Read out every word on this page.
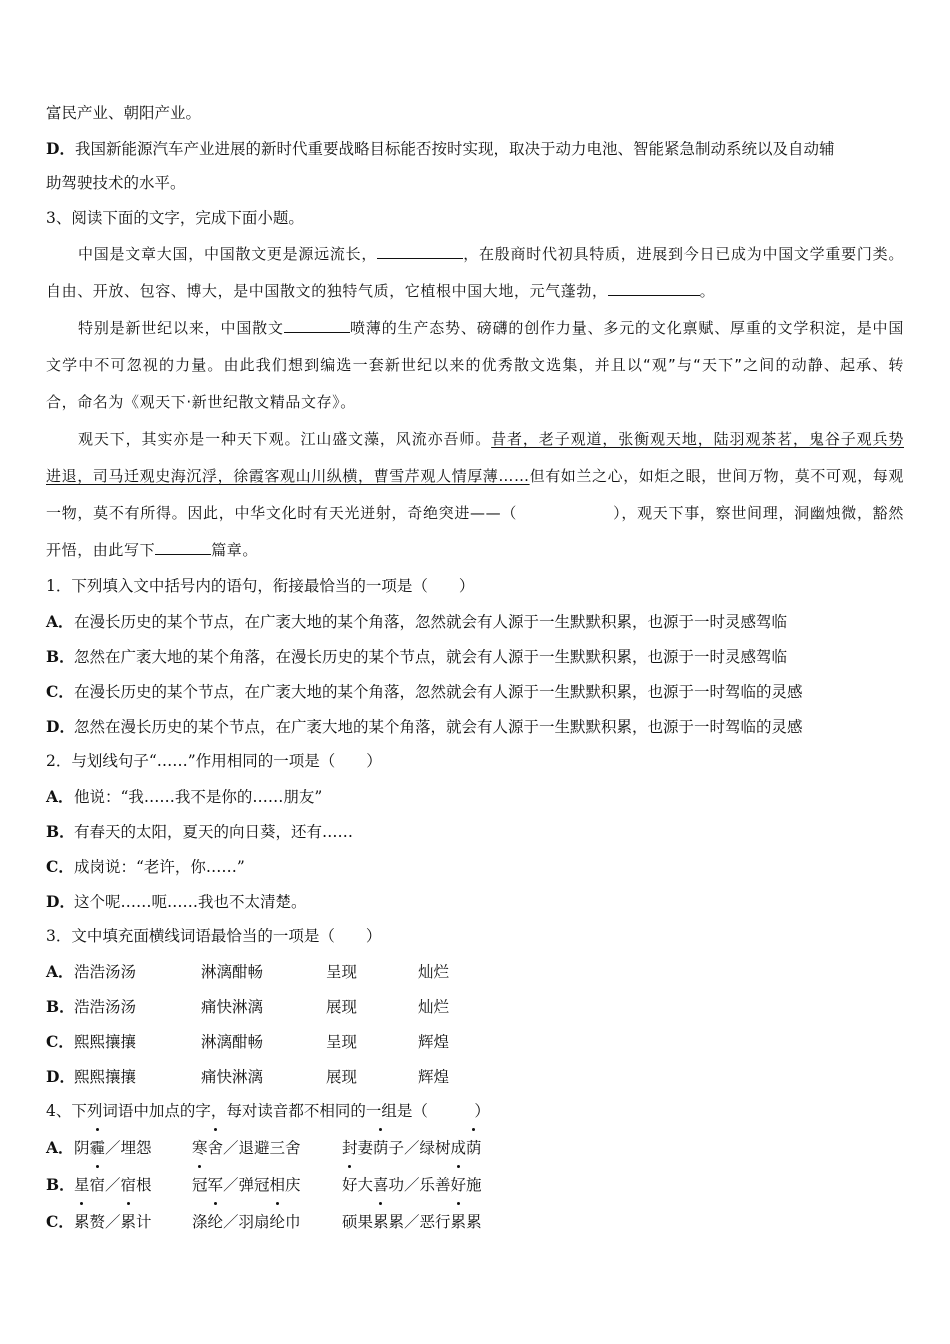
富民产业、朝阳产业。
D．我国新能源汽车产业进展的新时代重要战略目标能否按时实现，取决于动力电池、智能紧急制动系统以及自动辅
助驾驶技术的水平。
3、阅读下面的文字，完成下面小题。

中国是文章大国，中国散文更是源远流长，	，在殷商时代初具特质，进展到今日已成为中国文学重要门类。自由、开放、包容、博大，是中国散文的独特气质，它植根中国大地，元气蓬勃，	。

特别是新世纪以来，中国散文	喷薄的生产态势、磅礴的创作力量、多元的文化禀赋、厚重的文学积淀，是中国文学中不可忽视的力量。由此我们想到编选一套新世纪以来的优秀散文选集，并且以“观”与“天下”之间的动静、起承、转合，命名为《观天下·新世纪散文精品文存》。

观天下，其实亦是一种天下观。江山盛文藻，风流亦吾师。昔者，老子观道，张衡观天地，陆羽观茶茗，鬼谷子观兵势进退，司马迁观史海沉浮，徐霞客观山川纵横，曹雪芹观人情厚薄……但有如兰之心，如炬之眼，世间万物，莫不可观，每观一物，莫不有所得。因此，中华文化时有天光迸射，奇绝突进——（	），观天下事，察世间理，洞幽烛微，豁然开悟，由此写下	篇章。

1．下列填入文中括号内的语句，衔接最恰当的一项是（　　）
A．在漫长历史的某个节点，在广袤大地的某个角落，忽然就会有人源于一生默默积累，也源于一时灵感驾临
B．忽然在广袤大地的某个角落，在漫长历史的某个节点，就会有人源于一生默默积累，也源于一时灵感驾临
C．在漫长历史的某个节点，在广袤大地的某个角落，忽然就会有人源于一生默默积累，也源于一时驾临的灵感
D．忽然在漫长历史的某个节点，在广袤大地的某个角落，就会有人源于一生默默积累，也源于一时驾临的灵感
2．与划线句子“……”作用相同的一项是（　　）
A．他说：“我……我不是你的……朋友”
B．有春天的太阳，夏天的向日葵，还有……
C．成岗说：“老许，你……”
D．这个呢……呃……我也不太清楚。
3．文中填充面横线词语最恰当的一项是（　　）
A．浩浩汤汤	淋漓酣畅	呈现	灿烂
B．浩浩汤汤	痛快淋漓	展现	灿烂
C．熙熙攘攘	淋漓酣畅	呈现	辉煌
D．熙熙攘攘	痛快淋漓	展现	辉煌
4、下列词语中加点的字，每对读音都不相同的一组是（　　　）
A．阴霾／埋怨	寒舍／退避三舍	封妻荫子／绿树成荫
B．星宿／宿根	冠军／弹冠相庆	好大喜功／乐善好施
C．累赘／累计	涤纶／羽扇纶巾	硕果累累／恶行累累
